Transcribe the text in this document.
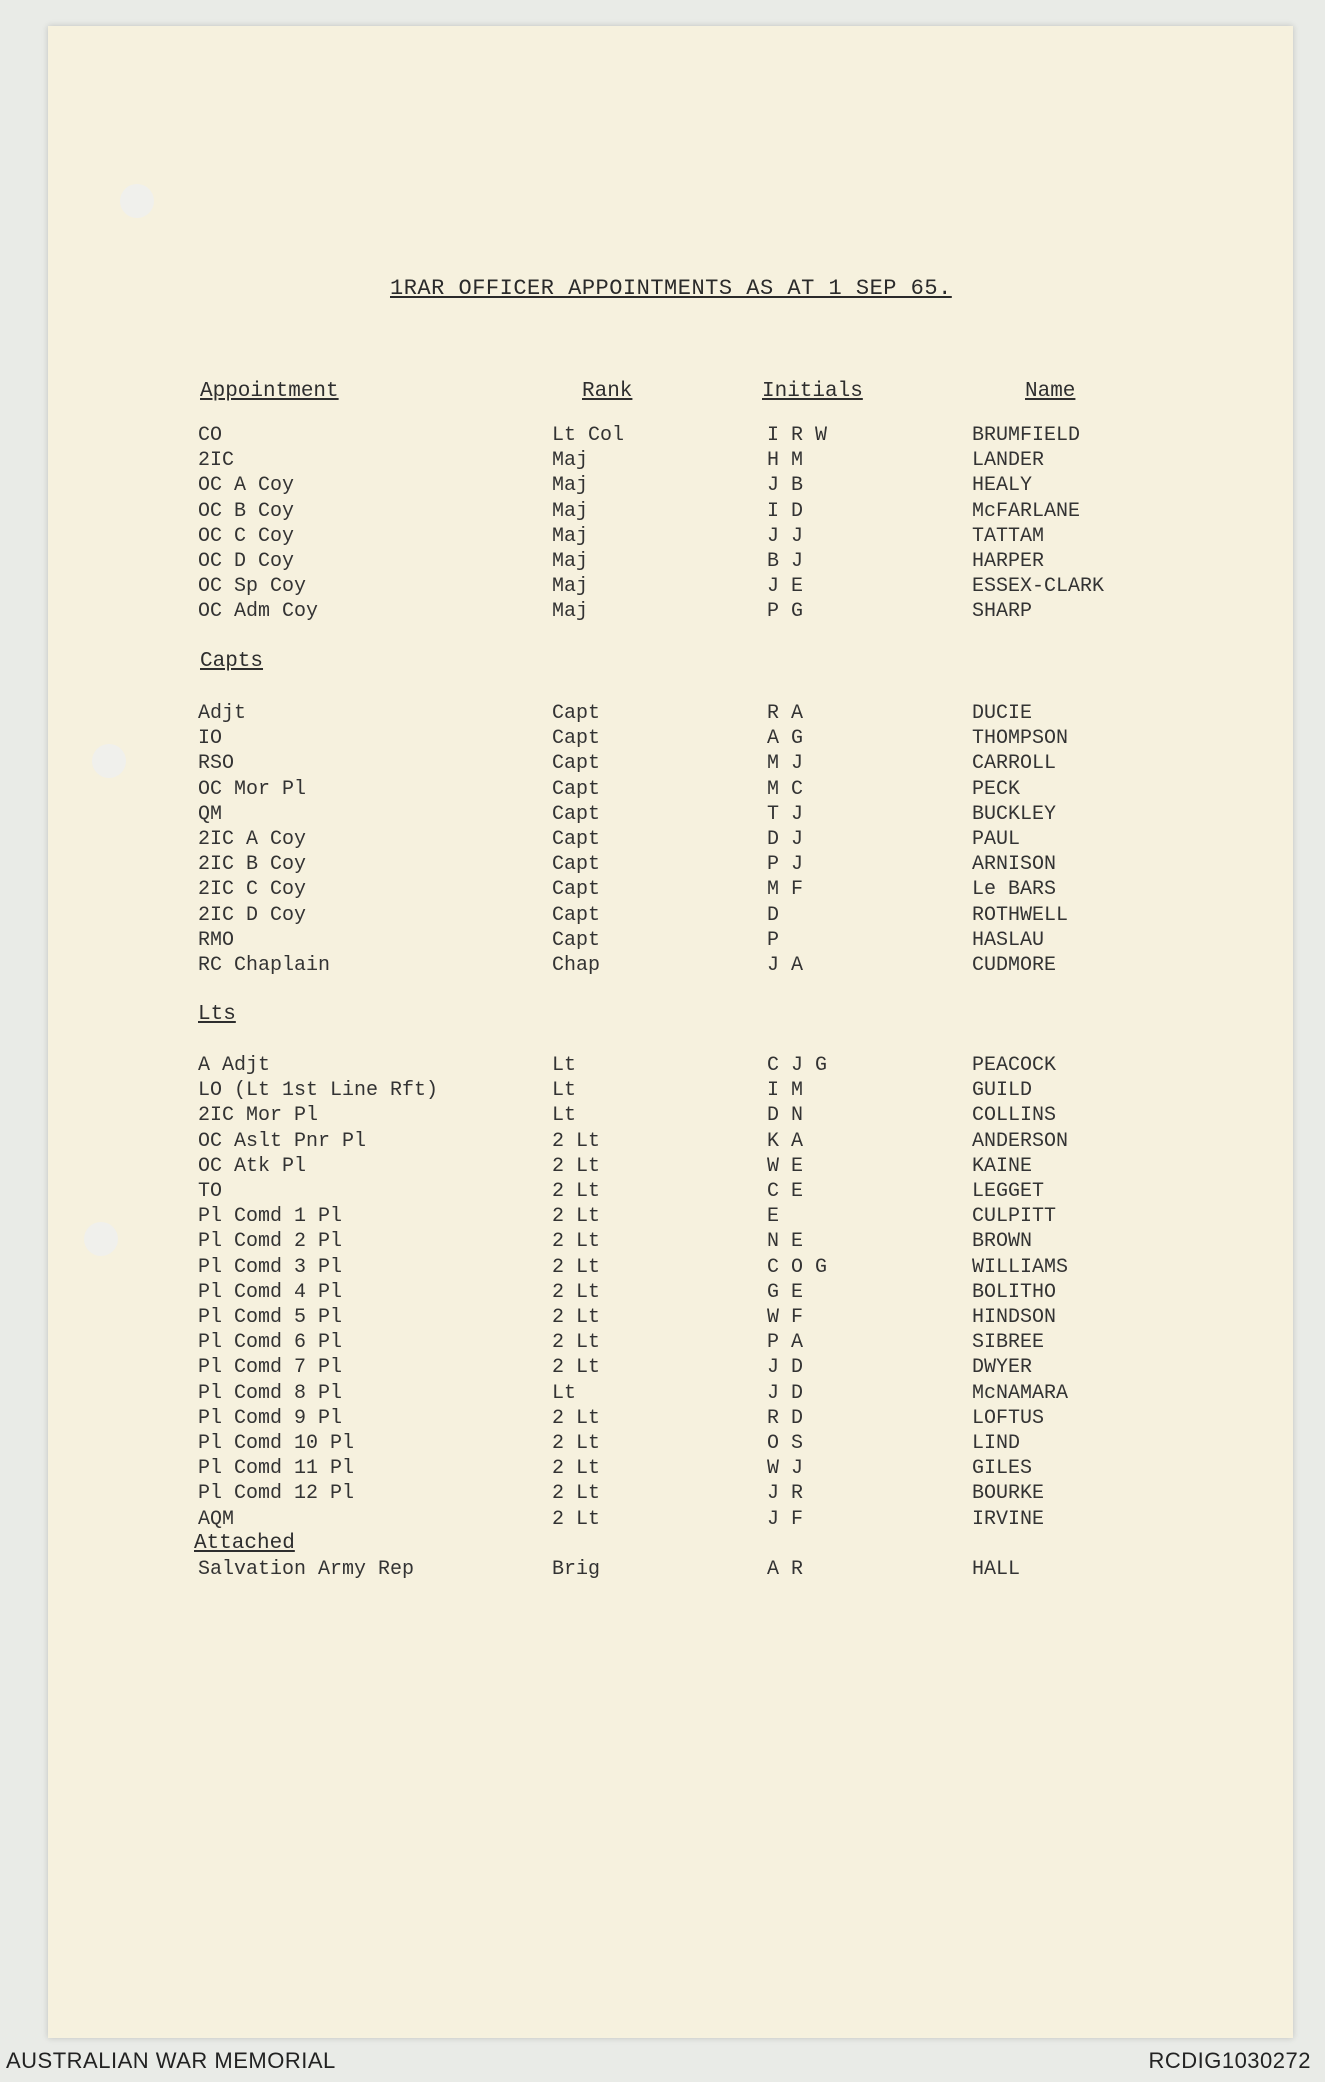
1RAR OFFICER APPOINTMENTS AS AT 1 SEP 65.
Appointment	Rank	Initials	Name
CO	Lt Col	I R W	BRUMFIELD
2IC	Maj	H M	LANDER
OC A Coy	Maj	J B	HEALY
OC B Coy	Maj	I D	McFARLANE
OC C Coy	Maj	J J	TATTAM
OC D Coy	Maj	B J	HARPER
OC Sp Coy	Maj	J E	ESSEX-CLARK
OC Adm Coy	Maj	P G	SHARP
Capts
Adjt	Capt	R A	DUCIE
IO	Capt	A G	THOMPSON
RSO	Capt	M J	CARROLL
OC Mor Pl	Capt	M C	PECK
QM	Capt	T J	BUCKLEY
2IC A Coy	Capt	D J	PAUL
2IC B Coy	Capt	P J	ARNISON
2IC C Coy	Capt	M F	Le BARS
2IC D Coy	Capt	D	ROTHWELL
RMO	Capt	P	HASLAU
RC Chaplain	Chap	J A	CUDMORE
Lts
A Adjt	Lt	C J G	PEACOCK
LO (Lt 1st Line Rft)	Lt	I M	GUILD
2IC Mor Pl	Lt	D N	COLLINS
OC Aslt Pnr Pl	2 Lt	K A	ANDERSON
OC Atk Pl	2 Lt	W E	KAINE
TO	2 Lt	C E	LEGGET
Pl Comd 1 Pl	2 Lt	E	CULPITT
Pl Comd 2 Pl	2 Lt	N E	BROWN
Pl Comd 3 Pl	2 Lt	C O G	WILLIAMS
Pl Comd 4 Pl	2 Lt	G E	BOLITHO
Pl Comd 5 Pl	2 Lt	W F	HINDSON
Pl Comd 6 Pl	2 Lt	P A	SIBREE
Pl Comd 7 Pl	2 Lt	J D	DWYER
Pl Comd 8 Pl	Lt	J D	McNAMARA
Pl Comd 9 Pl	2 Lt	R D	LOFTUS
Pl Comd 10 Pl	2 Lt	O S	LIND
Pl Comd 11 Pl	2 Lt	W J	GILES
Pl Comd 12 Pl	2 Lt	J R	BOURKE
AQM	2 Lt	J F	IRVINE
Attached
Salvation Army Rep	Brig	A R	HALL
AUSTRALIAN WAR MEMORIAL	RCDIG1030272
